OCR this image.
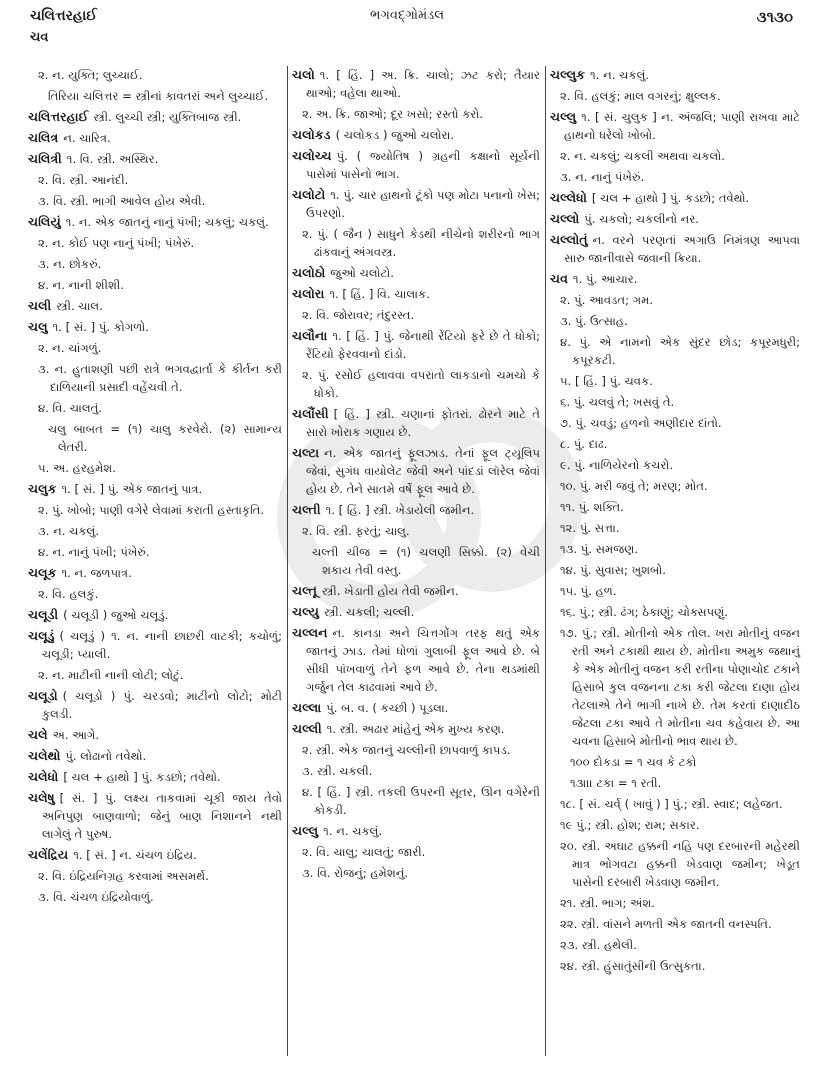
ચલિત્તરહાઈ	ભગવદ્ગોમંડલ	૩૧૩૦
ચવ

૨. ન. યુક્તિ; લુચ્ચાઈ.

તિરિયા ચલિત્તર = સ્ત્રીનાં કાવતરાં અને લુચ્ચાઈ.

ચલિત્તરહાઈ સ્ત્રી. લુચ્ચી સ્ત્રી; યુક્તિબાજ સ્ત્રી.

ચલિત્ર ન. ચારિત્ર.

ચલિત્રી ૧. વિ. સ્ત્રી. અસ્થિર.

૨. વિ. સ્ત્રી. આનંદી.

૩. વિ. સ્ત્રી. ભાગી આવેલ હોય એવી.

ચલિયું ૧. ન. એક જાતનું નાનું પંખી; ચકલું; ચકલું.

૨. ન. કોઈ પણ નાનું પંખી; પંખેરું.

૩. ન. છોકરું.

૪. ન. નાની શીશી.

ચલી સ્ત્રી. ચાલ.

ચલુ ૧. [ સં. ] પું. કોગળો.

૨. ન. ચાંગળું.

૩. ન. હુતાશણી પછી રાત્રે ભગવદ્વાર્તા કે કીર્તન કરી દાળિયાની પ્રસાદી વહેંચવી તે.

૪. વિ. ચાલતું.

ચલુ બાબત = (૧) ચાલુ કરવેરો. (૨) સામાન્ય લેતરી.

૫. અ. હરહમેશ.

ચલુક ૧. [ સં. ] પું. એક જાતનું પાત્ર.

૨. પું. ખોબો; પાણી વગેરે લેવામાં કરાતી હસ્તાકૃતિ.

૩. ન. ચકલું.

૪. ન. નાનું પંખી; પંખેરું.

ચલૂક ૧. ન. જળપાત્ર.

૨. વિ. હલકું.

ચલૂડી ( ચલૂડી ) જુઓ ચલૂડું.

ચલૂડું ( ચલૂડું ) ૧. ન. નાની છાછરી વાટકી; કચોળું; ચલૂડી; પ્યાલી.

૨. ન. માટીની નાની લોટી; લોટું.

ચલૂડો ( ચલૂડો ) પું. ચરડવો; માટીનો લોટો; મોટી કુલડી.

ચલે અ. આગે.

ચલેથો પું. લોઢાનો તવેથો.

ચલેધો [ ચલ + હાથો ] પું. કડછો; તવેથો.

ચલેષુ [ સં. ] પું. લક્ષ્ય તાકવામાં ચૂકી જાય તેવો અનિપુણ બાણવાળો; જેનું બાણ નિશાનને નથી લાગેલું તે પુરુષ.

ચલેંદ્રિય ૧. [ સં. ] ન. ચંચળ ઇંદ્રિય.

૨. વિ. ઇંદ્રિયનિગ્રહ કરવામાં અસમર્થ.

૩. વિ. ચંચળ ઇંદ્રિયોવાળું.

ચલો ૧. [ હિં. ] અ. ક્રિ. ચાલો; ઝટ કરો; તૈયાર થાઓ; વહેલા થાઓ.

૨. અ. ક્રિ. જાઓ; દૂર ખસો; રસ્તો કરો.

ચલોકડ ( ચલોકડ ) જુઓ ચલોરા.

ચલોચ્ચ પું. ( જ્યોતિષ ) ગ્રહની કક્ષાનો સૂર્યની પાસેમાં પાસેનો ભાગ.

ચલોટો ૧. પું. ચાર હાથનો ટૂંકો પણ મોટા પનાનો ખેસ; ઉપરણો.

૨. પું. ( જૈન ) સાધુને કેડથી નીચેનો શરીરનો ભાગ ઢાંકવાનું અંગવસ્ત્ર.

ચલોઠો જુઓ ચલોટો.

ચલોરા ૧. [ હિં. ] વિ. ચાલાક.

૨. વિ. જોરાવર; તંદુરસ્ત.

ચલૌના ૧. [ હિં. ] પું. જેનાથી રેંટિયો ફરે છે તે ધોકો; રેંટિયો ફેરવવાનો દાંડો.

૨. પું. રસોઈ હલાવવા વપરાતો લાકડાનો ચમચો કે ધોકો.

ચલૌંસી [ હિં. ] સ્ત્રી. ચણાનાં ફોતરાં. ઢોરને માટે તે સારો ખોરાક ગણાય છે.

ચલ્ટા ન. એક જાતનું ફૂલઝાડ. તેનાં ફૂલ ટ્યૂલિપ જેવાં, સુગંધ વાયોલેટ જેવી અને પાંદડાં લૉરેલ જેવાં હોય છે. તેને સાતમે વર્ષે ફૂલ આવે છે.

ચલ્તી ૧. [ હિં. ] સ્ત્રી. ખેડાયેલી જમીન.

૨. વિ. સ્ત્રી. ફરતું; ચાલુ.

ચલ્તી ચીજ = (૧) ચલણી સિક્કો. (૨) વેચી શકાય તેવી વસ્તુ.

ચલ્તૂ સ્ત્રી. ખેડાતી હોય તેવી જમીન.

ચલ્યુ સ્ત્રી. ચકલી; ચલ્લી.

ચલ્લન ન. કાનડા અને ચિત્તગોંગ તરફ થતું એક જાતનું ઝાડ. તેમાં ધોળાં ગુલાબી ફૂલ આવે છે. બે સીધી પાંખવાળું તેને ફળ આવે છે. તેના થડમાંથી ગર્જુન તેલ કાઢવામાં આવે છે.

ચલ્લા પું. બ. વ. ( કચ્છી ) પૂડલા.

ચલ્લી ૧. સ્ત્રી. અઢાર માંહેનું એક મુખ્ય કરણ.

૨. સ્ત્રી. એક જાતનું ચલ્લીની છાપવાળું કાપડ.

૩. સ્ત્રી. ચકલી.

૪. [ હિં. ] સ્ત્રી. તકલી ઉપરની સૂતર, ઊન વગેરેની કોકડી.

ચલ્લુ ૧. ન. ચકલું.

૨. વિ. ચાલુ; ચાલતું; જારી.

૩. વિ. રોજનું; હમેશનું.

ચલ્લુક ૧. ન. ચકલું.

૨. વિ. હલકું; માલ વગરનું; ક્ષુલ્લક.

ચલ્લુ ૧. [ સં. ચુલુક ] ન. અંજલિ; પાણી રાખવા માટે હાથનો ધરેલો ખોબો.

૨. ન. ચકલું; ચકલી અથવા ચકલો.

૩. ન. નાનું પંખેરું.

ચલ્લેધો [ ચલ + હાથો ] પું. કડછો; તવેથો.

ચલ્લો પું. ચકલો; ચકલીનો નર.

ચલ્લોતું ન. વરને પરણતાં અગાઉ નિમંત્રણ આપવા સારુ જાનીવાસે જવાની ક્રિયા.

ચવ ૧. પું. આચાર.

૨. પું. આવડત; ગમ.

૩. પું. ઉત્સાહ.

૪. પું. એ નામનો એક સુંદર છોડ; કપૂરમધુરી; કપૂરકટી.

૫. [ હિં. ] પું. ચવક.

૬. પું. ચલવું તે; ખસવું તે.

૭. પું. ચવડું; હળનો અણીદાર દાંતો.

૮. પું. દાઢ.

૯. પું. નાળિયેરનો કચરો.

૧૦. પું. મરી જવું તે; મરણ; મોત.

૧૧. પું. શક્તિ.

૧૨. પું. સત્તા.

૧૩. પું. સમજણ.

૧૪. પું. સુવાસ; ખુશબો.

૧૫. પું. હળ.

૧૬. પું.; સ્ત્રી. ઢંગ; ઠેકાણું; ચોક્સપણું.

૧૭. પું.; સ્ત્રી. મોતીનો એક તોલ. ખરા મોતીનું વજન રતી અને ટકાથી થાય છે. મોતીના અમુક જથાનું કે એક મોતીનું વજન કરી રતીના પોણાચોદ ટકાને હિસાબે કુલ વજનના ટકા કરી જેટલા દાણા હોય તેટલાએ તેને ભાગી નાખે છે. તેમ કરતાં દાણાદીઠ જેટલા ટકા આવે તે મોતીના ચવ કહેવાય છે. આ ચવના હિસાબે મોતીનો ભાવ થાય છે.

૧૦૦ દોકડા = ૧ ચવ કે ટકો

૧૩।।। ટકા = ૧ રતી.

૧૮. [ સં. ચર્વ્ ( ખાવું ) ] પું.; સ્ત્રી. સ્વાદ; લહેજત.

૧૯ પું.; સ્ત્રી. હોશ; રામ; સકાર.

૨૦. સ્ત્રી. અઘાટ હક્કની નહિ પણ દરબારની મહેરથી માત્ર ભોગવટા હક્કની ખેડવાણ જમીન; ખેડૂત પાસેની દરબારી ખેડવાણ જમીન.

૨૧. સ્ત્રી. ભાગ; અંશ.

૨૨. સ્ત્રી. વાંસને મળતી એક જાતની વનસ્પતિ.

૨૩. સ્ત્રી. હથેલી.

૨૪. સ્ત્રી. હુંસાતુંસીની ઉત્સુકતા.
